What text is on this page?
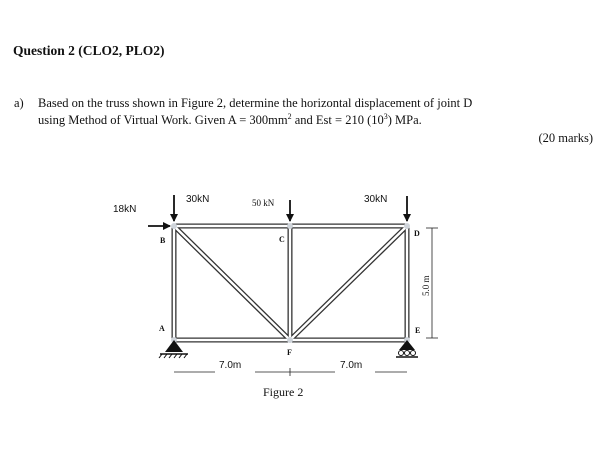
Question 2 (CLO2, PLO2)
a) Based on the truss shown in Figure 2, determine the horizontal displacement of joint D
using Method of Virtual Work. Given $A = 300mm^2$ and Est = 210 $(10^3)$ MPa.
(20 marks)
18kN
30kN	50 kN	30kN
B	C
D
A
F
E
7.0m	7.0m
5.0 m
Figure 2
